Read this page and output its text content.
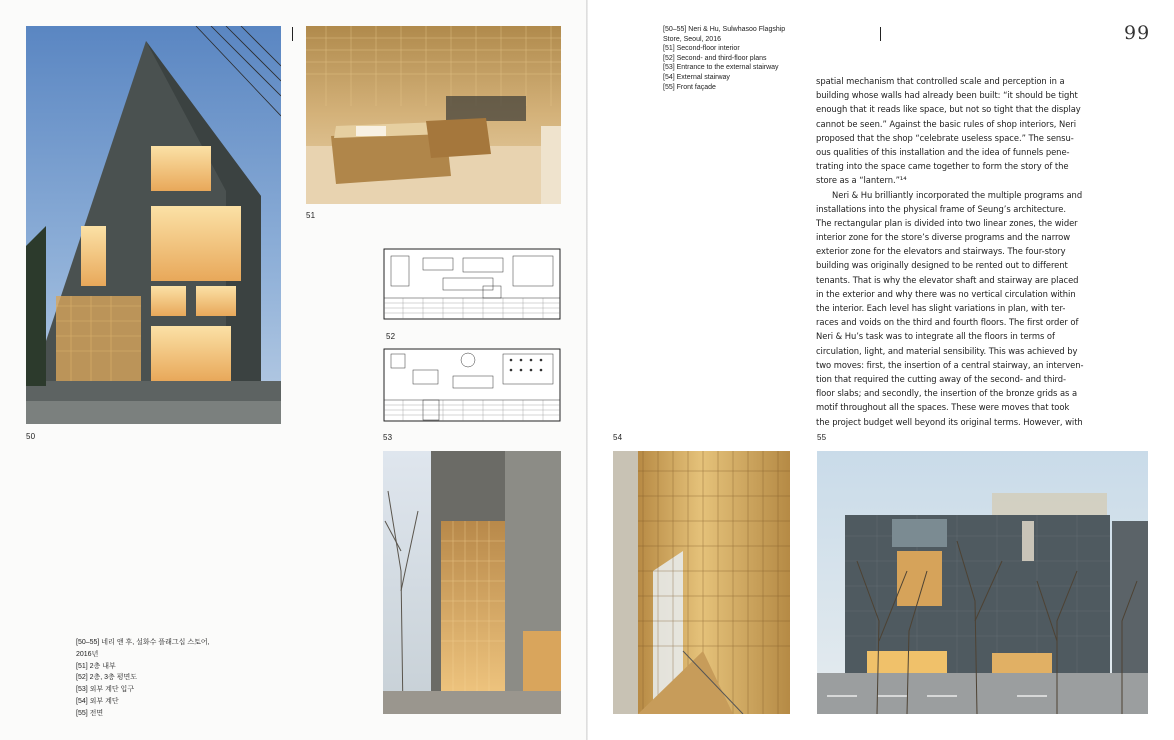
50
51
52
53	54	55
99
[50–55] Neri & Hu, Sulwhasoo Flagship
Store, Seoul, 2016
[51] Second-floor interior
[52] Second- and third-floor plans
[53] Entrance to the external stairway
[54] External stairway
[55] Front façade
[50–55] 네리 앤 후, 설화수 플래그십 스토어,
2016년
[51] 2층 내부
[52] 2층, 3층 평면도
[53] 외부 계단 입구
[54] 외부 계단
[55] 전면
spatial mechanism that controlled scale and perception in a
building whose walls had already been built: “it should be tight
enough that it reads like space, but not so tight that the display
cannot be seen.” Against the basic rules of shop interiors, Neri
proposed that the shop “celebrate useless space.” The sensu-
ous qualities of this installation and the idea of funnels pene-
trating into the space came together to form the story of the
store as a “lantern.”¹⁴
Neri & Hu brilliantly incorporated the multiple programs and
installations into the physical frame of Seung’s architecture.
The rectangular plan is divided into two linear zones, the wider
interior zone for the store’s diverse programs and the narrow
exterior zone for the elevators and stairways. The four-story
building was originally designed to be rented out to different
tenants. That is why the elevator shaft and stairway are placed
in the exterior and why there was no vertical circulation within
the interior. Each level has slight variations in plan, with ter-
races and voids on the third and fourth floors. The first order of
Neri & Hu’s task was to integrate all the floors in terms of
circulation, light, and material sensibility. This was achieved by
two moves: first, the insertion of a central stairway, an interven-
tion that required the cutting away of the second- and third-
floor slabs; and secondly, the insertion of the bronze grids as a
motif throughout all the spaces. These were moves that took
the project budget well beyond its original terms. However, with
